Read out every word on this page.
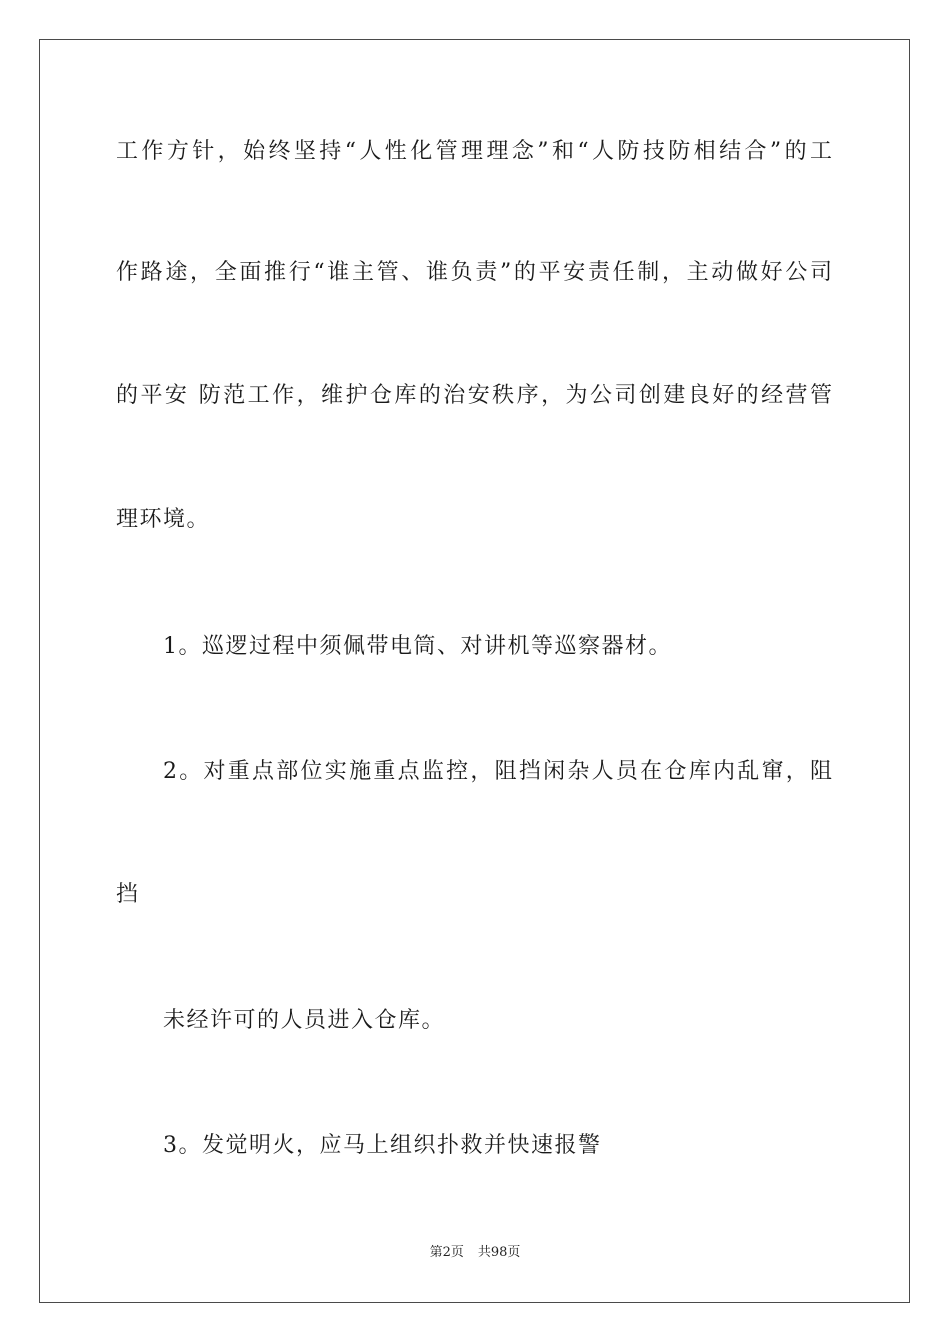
工作方针，始终坚持“人性化管理理念”和“人防技防相结合”的工
作路途，全面推行“谁主管、谁负责”的平安责任制，主动做好公司
的平安 防范工作，维护仓库的治安秩序，为公司创建良好的经营管
理环境。
1。巡逻过程中须佩带电筒、对讲机等巡察器材。
2。对重点部位实施重点监控，阻挡闲杂人员在仓库内乱窜，阻
挡
未经许可的人员进入仓库。
3。发觉明火，应马上组织扑救并快速报警
第2页 共98页
